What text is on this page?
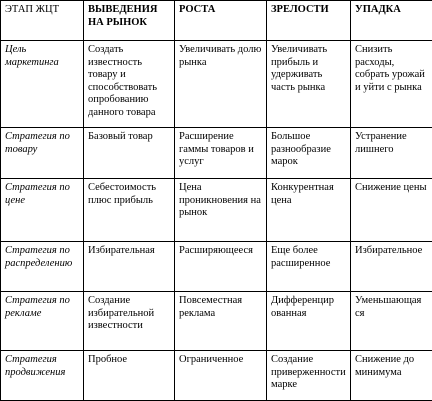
ЭТАП ЖЦТ	ВЫВЕДЕНИЯ НА РЫНОК	РОСТА	ЗРЕЛОСТИ	УПАДКА
Цель маркетинга	Создать известность товару и способствовать опробованию данного товара	Увеличивать долю рынка	Увеличивать прибыль и удерживать часть рынка	Снизить расходы, собрать урожай и уйти с рынка
Стратегия по товару	Базовый товар	Расширение гаммы товаров и услуг	Большое разнообразие марок	Устранение лишнего
Стратегия по цене	Себестоимость плюс прибыль	Цена проникновения на рынок	Конкурентная цена	Снижение цены
Стратегия по распределению	Избирательная	Расширяющееся	Еще более расширенное	Избирательное
Стратегия по рекламе	Создание избирательной известности	Повсеместная реклама	Дифференцир ованная	Уменьшающая ся
Стратегия продвижения	Пробное	Ограниченное	Создание приверженности марке	Снижение до минимума
